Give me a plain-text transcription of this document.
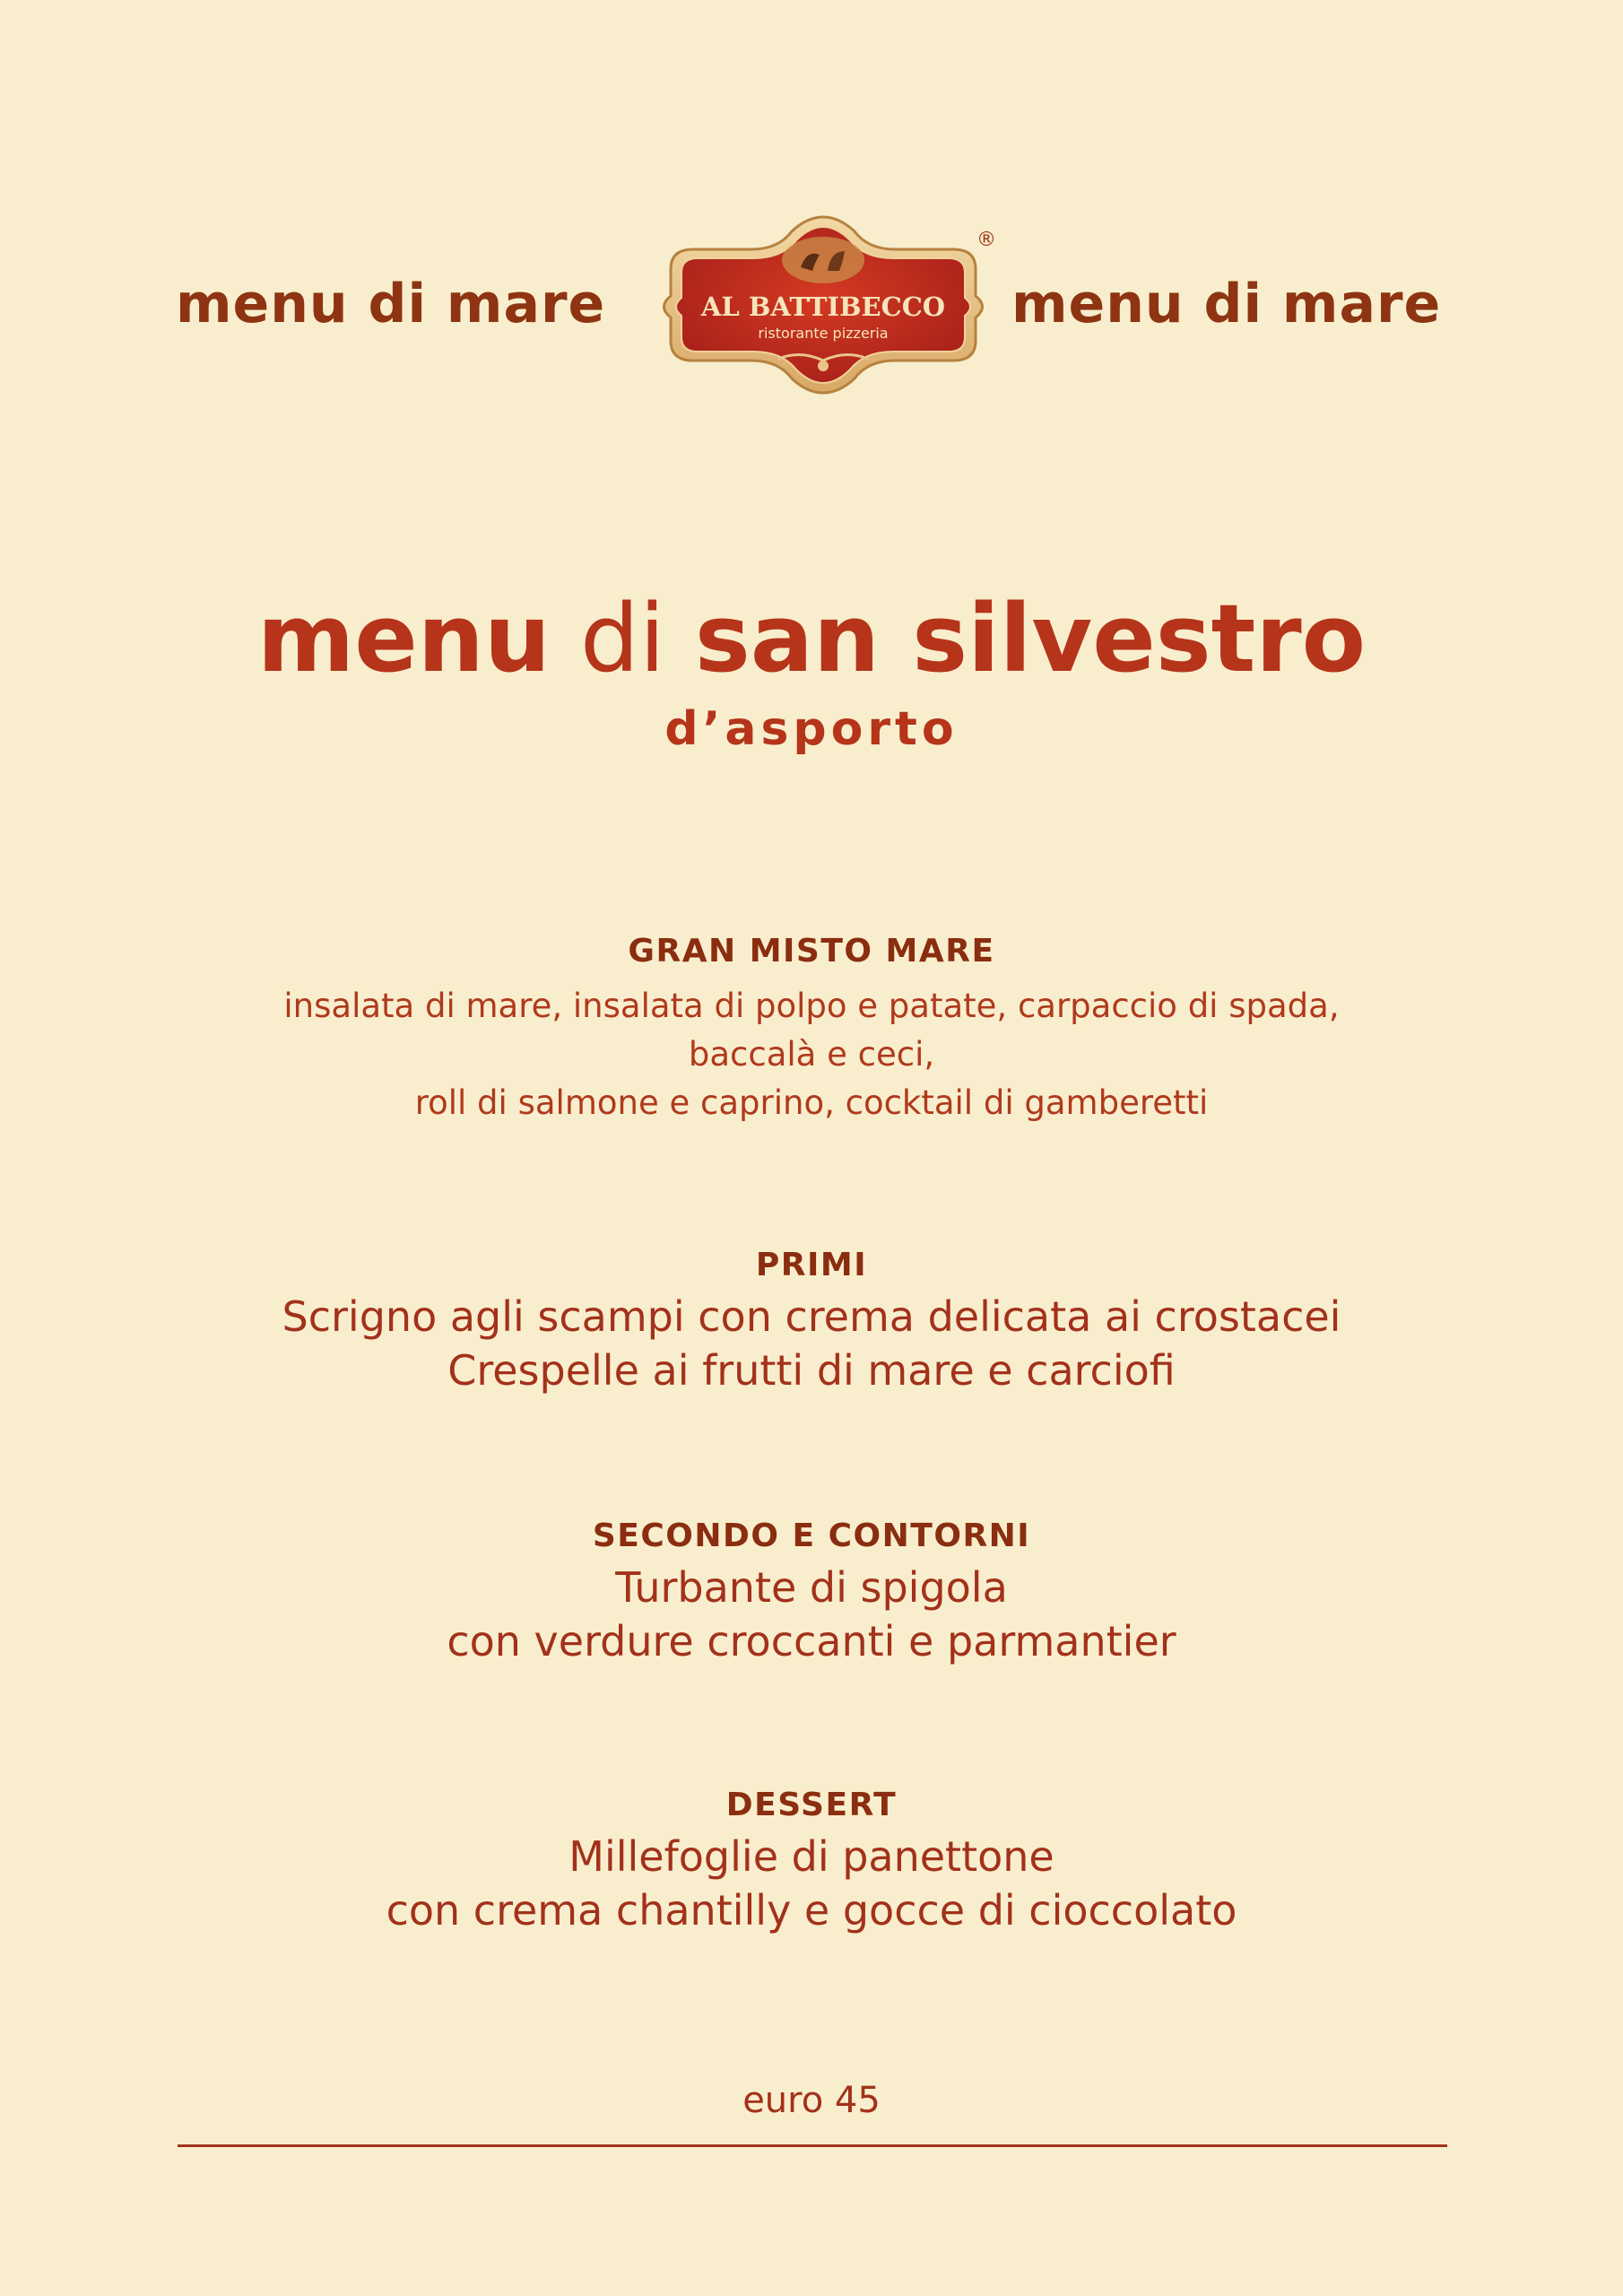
menu di mare	menu di mare
AL BATTIBECCO
ristorante pizzeria
®
menu di san silvestro
d’asporto
GRAN MISTO MARE
insalata di mare, insalata di polpo e patate, carpaccio di spada,
baccalà e ceci,
roll di salmone e caprino, cocktail di gamberetti
PRIMI
Scrigno agli scampi con crema delicata ai crostacei
Crespelle ai frutti di mare e carciofi
SECONDO E CONTORNI
Turbante di spigola
con verdure croccanti e parmantier
DESSERT
Millefoglie di panettone
con crema chantilly e gocce di cioccolato
euro 45
